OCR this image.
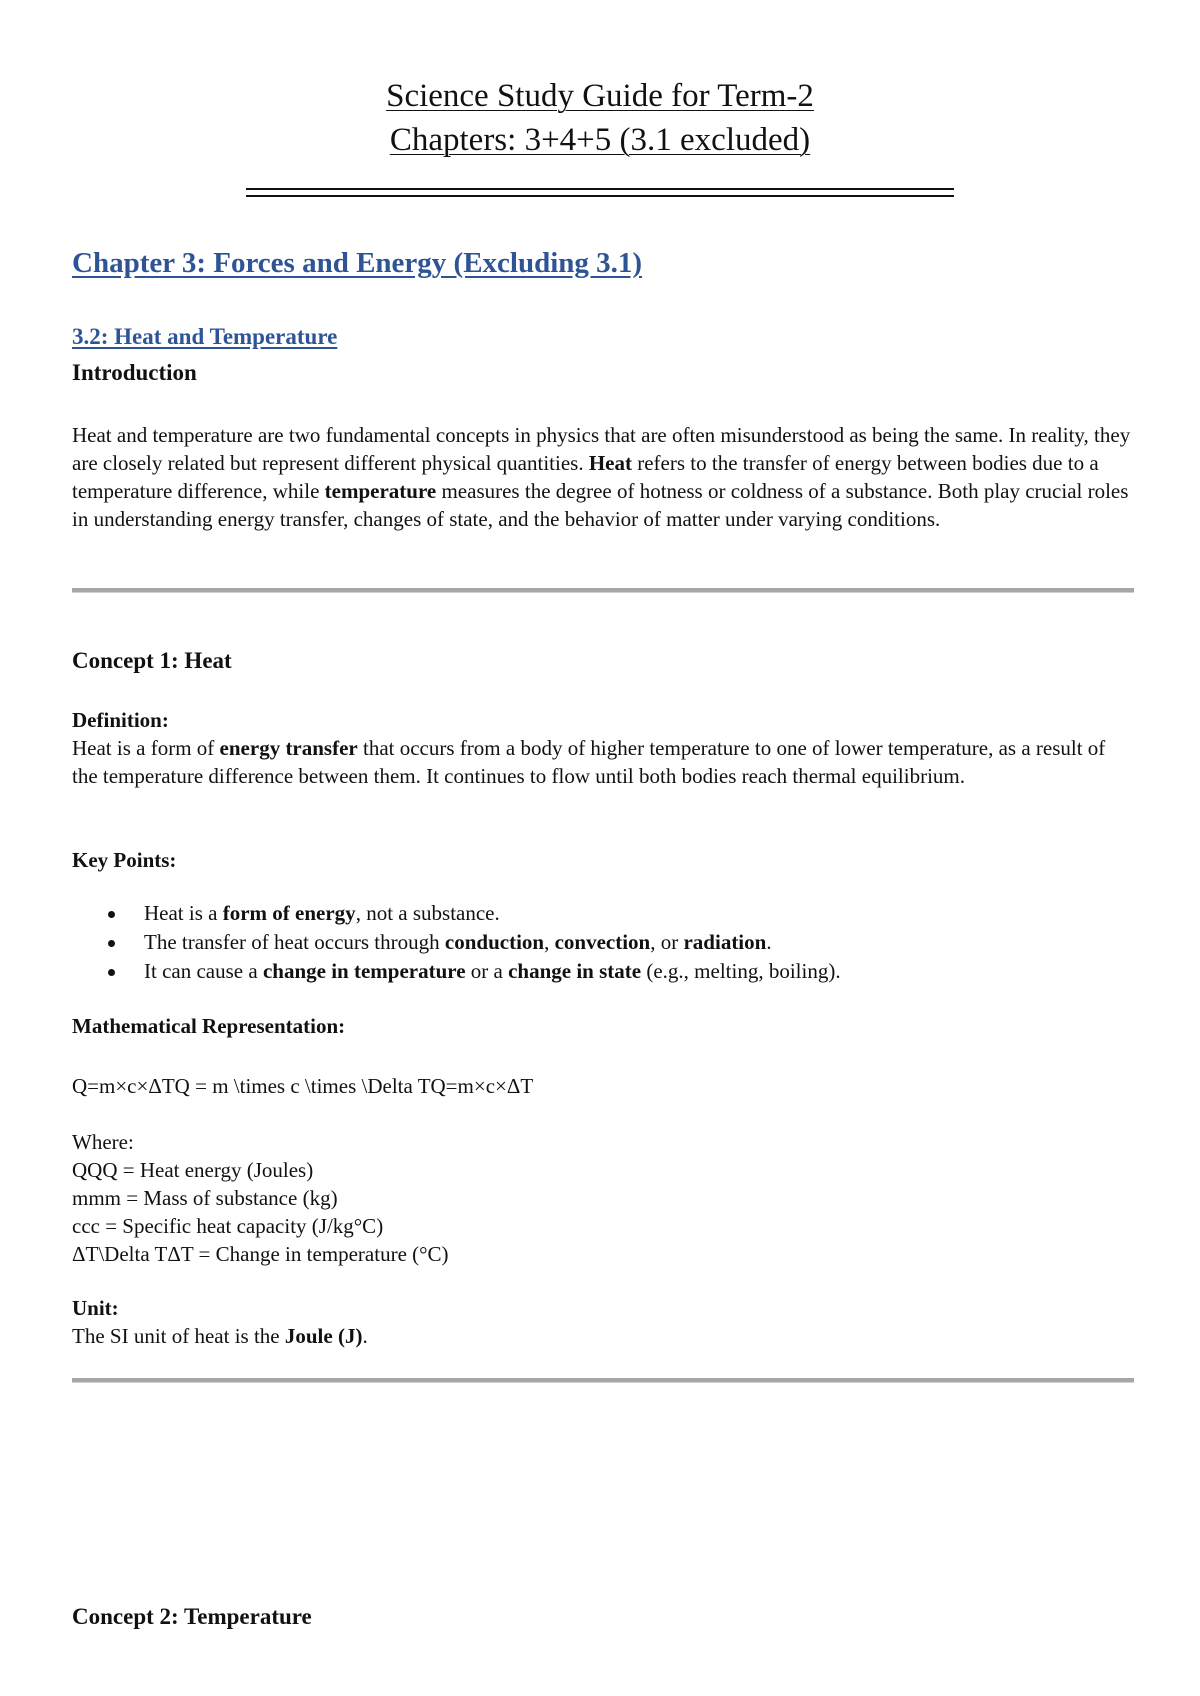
Science Study Guide for Term-2
Chapters: 3+4+5 (3.1 excluded)
Chapter 3: Forces and Energy (Excluding 3.1)
3.2: Heat and Temperature
Introduction
Heat and temperature are two fundamental concepts in physics that are often misunderstood as being the same. In reality, they are closely related but represent different physical quantities. Heat refers to the transfer of energy between bodies due to a temperature difference, while temperature measures the degree of hotness or coldness of a substance. Both play crucial roles in understanding energy transfer, changes of state, and the behavior of matter under varying conditions.
Concept 1: Heat
Definition:
Heat is a form of energy transfer that occurs from a body of higher temperature to one of lower temperature, as a result of the temperature difference between them. It continues to flow until both bodies reach thermal equilibrium.
Key Points:
Heat is a form of energy, not a substance.
The transfer of heat occurs through conduction, convection, or radiation.
It can cause a change in temperature or a change in state (e.g., melting, boiling).
Mathematical Representation:
Q=m×c×ΔTQ = m \times c \times \Delta TQ=m×c×ΔT
Where:
QQQ = Heat energy (Joules)
mmm = Mass of substance (kg)
ccc = Specific heat capacity (J/kg°C)
ΔT\Delta TΔT = Change in temperature (°C)
Unit:
The SI unit of heat is the Joule (J).
Concept 2: Temperature
